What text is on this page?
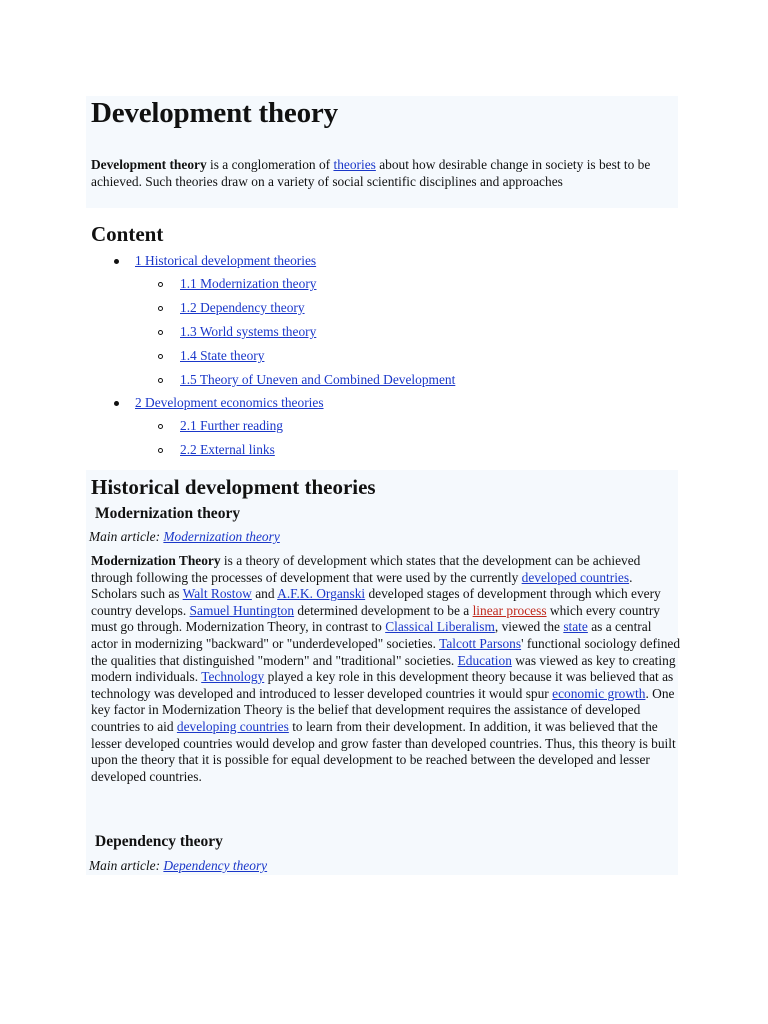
Development theory

Development theory is a conglomeration of theories about how desirable change in society is best to be achieved. Such theories draw on a variety of social scientific disciplines and approaches

Content
1 Historical development theories
1.1 Modernization theory
1.2 Dependency theory
1.3 World systems theory
1.4 State theory
1.5 Theory of Uneven and Combined Development
2 Development economics theories
2.1 Further reading
2.2 External links
Historical development theories
Modernization theory
Main article: Modernization theory

Modernization Theory is a theory of development which states that the development can be achieved through following the processes of development that were used by the currently developed countries. Scholars such as Walt Rostow and A.F.K. Organski developed stages of development through which every country develops. Samuel Huntington determined development to be a linear process which every country must go through. Modernization Theory, in contrast to Classical Liberalism, viewed the state as a central actor in modernizing "backward" or "underdeveloped" societies. Talcott Parsons' functional sociology defined the qualities that distinguished "modern" and "traditional" societies. Education was viewed as key to creating modern individuals. Technology played a key role in this development theory because it was believed that as technology was developed and introduced to lesser developed countries it would spur economic growth. One key factor in Modernization Theory is the belief that development requires the assistance of developed countries to aid developing countries to learn from their development. In addition, it was believed that the lesser developed countries would develop and grow faster than developed countries. Thus, this theory is built upon the theory that it is possible for equal development to be reached between the developed and lesser developed countries.

Dependency theory
Main article: Dependency theory
